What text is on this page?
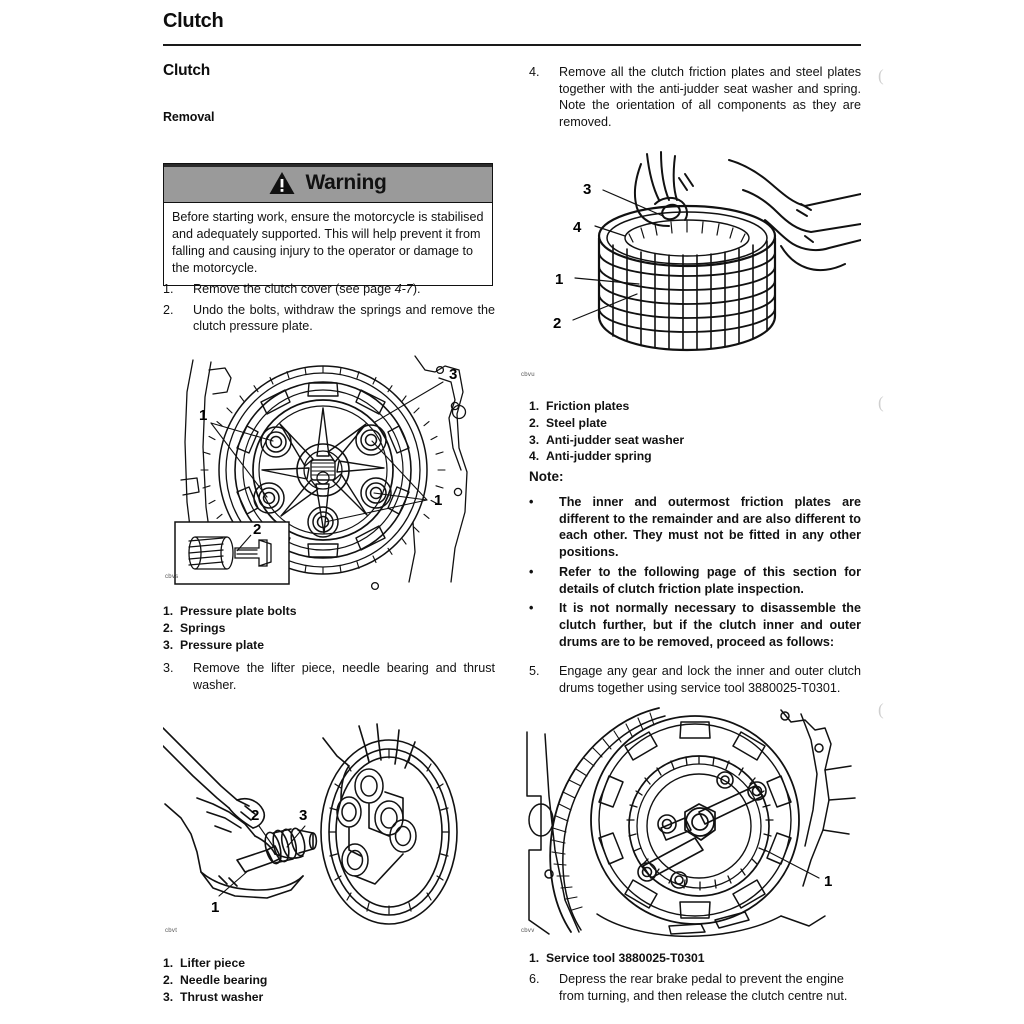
Clutch
Clutch
Removal
Warning
Before starting work, ensure the motorcycle is stabilised and adequately supported. This will help prevent it from falling and causing injury to the operator or damage to the motorcycle.
1.	Remove the clutch cover (see page 4-7).
2.	Undo the bolts, withdraw the springs and remove the clutch pressure plate.
1
1
2
3
cbvs
1. Pressure plate bolts
2. Springs
3. Pressure plate
3.	Remove the lifter piece, needle bearing and thrust washer.
2	3
1
cbvt
1. Lifter piece
2. Needle bearing
3. Thrust washer
4.	Remove all the clutch friction plates and steel plates together with the anti-judder seat washer and spring. Note the orientation of all components as they are removed.
3
4
1
2
cbvu
1. Friction plates
2. Steel plate
3. Anti-judder seat washer
4. Anti-judder spring
Note:
•	The inner and outermost friction plates are different to the remainder and are also different to each other. They must not be fitted in any other positions.
•	Refer to the following page of this section for details of clutch friction plate inspection.
•	It is not normally necessary to disassemble the clutch further, but if the clutch inner and outer drums are to be removed, proceed as follows:
5.	Engage any gear and lock the inner and outer clutch drums together using service tool 3880025-T0301.
1
cbvv
1. Service tool 3880025-T0301
6.	Depress the rear brake pedal to prevent the engine from turning, and then release the clutch centre nut.
(
(
(
